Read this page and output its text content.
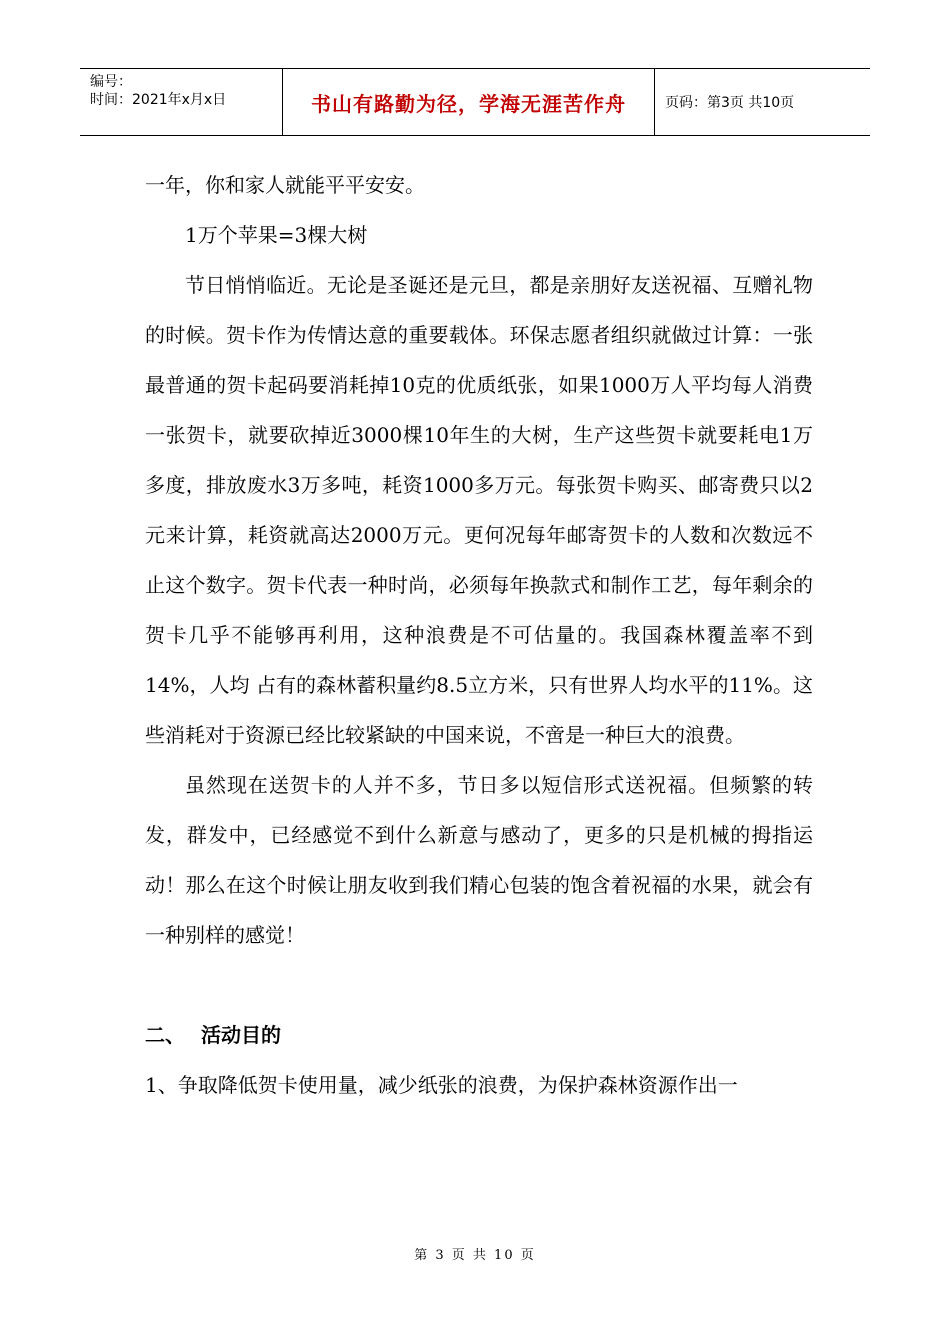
编号：
时间：2021年x月x日	书山有路勤为径，学海无涯苦作舟	页码：第3页 共10页

一年，你和家人就能平平安安。

1万个苹果=3棵大树

节日悄悄临近。无论是圣诞还是元旦，都是亲朋好友送祝福、互赠礼物的时候。贺卡作为传情达意的重要载体。环保志愿者组织就做过计算：一张最普通的贺卡起码要消耗掉10克的优质纸张，如果1000万人平均每人消费一张贺卡，就要砍掉近3000棵10年生的大树，生产这些贺卡就要耗电1万多度，排放废水3万多吨，耗资1000多万元。每张贺卡购买、邮寄费只以2元来计算，耗资就高达2000万元。更何况每年邮寄贺卡的人数和次数远不止这个数字。贺卡代表一种时尚，必须每年换款式和制作工艺，每年剩余的贺卡几乎不能够再利用，这种浪费是不可估量的。我国森林覆盖率不到14%，人均 占有的森林蓄积量约8.5立方米，只有世界人均水平的11%。这些消耗对于资源已经比较紧缺的中国来说，不啻是一种巨大的浪费。

虽然现在送贺卡的人并不多，节日多以短信形式送祝福。但频繁的转发，群发中，已经感觉不到什么新意与感动了，更多的只是机械的拇指运动！那么在这个时候让朋友收到我们精心包装的饱含着祝福的水果，就会有一种别样的感觉！

二、 活动目的

1、争取降低贺卡使用量，减少纸张的浪费，为保护森林资源作出一

第 3 页 共 10 页
